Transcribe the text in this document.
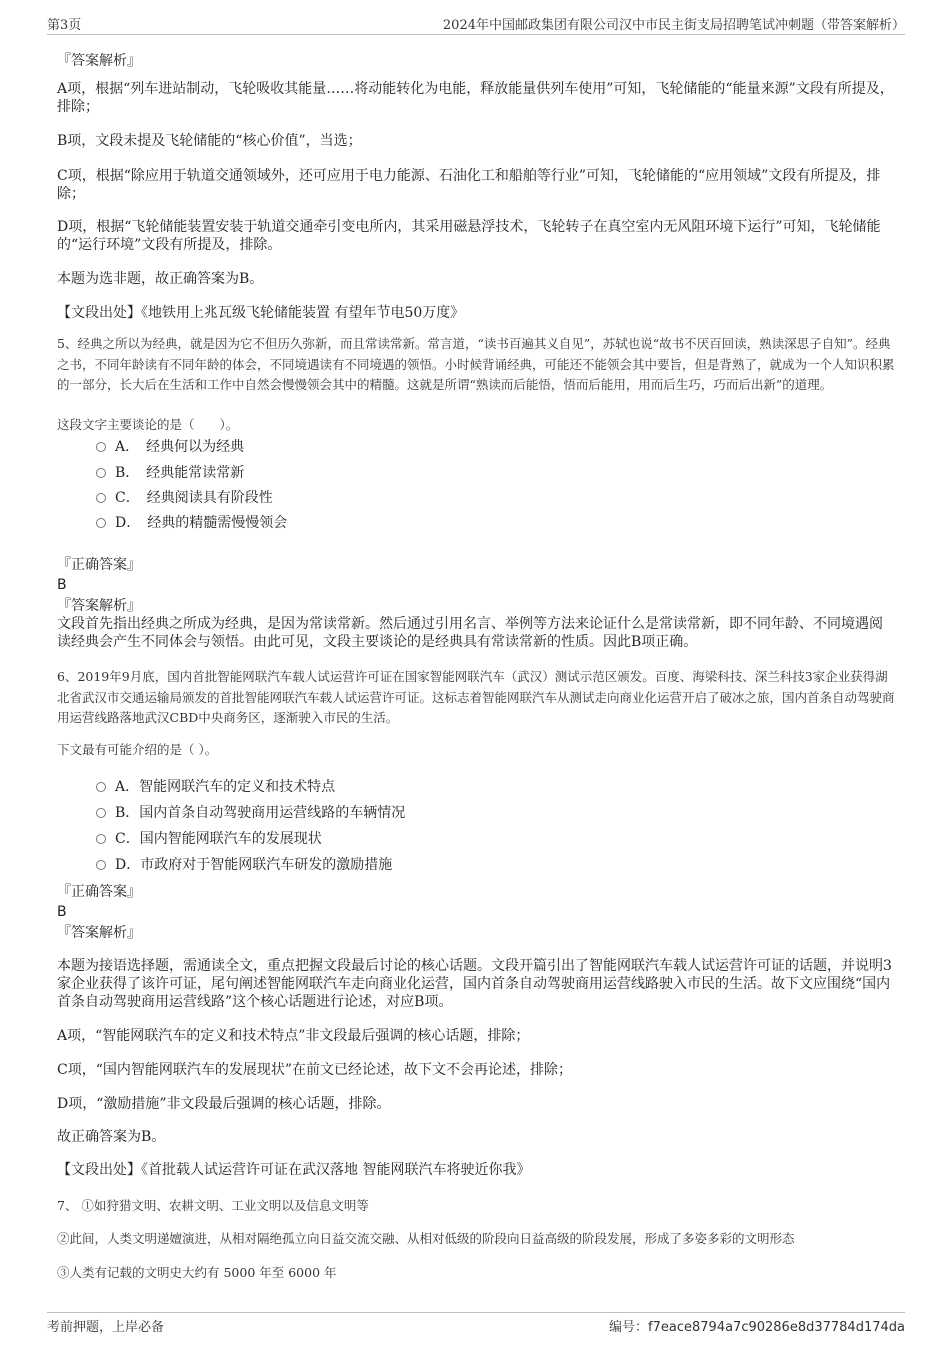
第3页	2024年中国邮政集团有限公司汉中市民主街支局招聘笔试冲刺题（带答案解析）
『答案解析』
A项，根据“列车进站制动，飞轮吸收其能量……将动能转化为电能，释放能量供列车使用”可知，飞轮储能的“能量来源”文段有所提及，排除；
B项，文段未提及飞轮储能的“核心价值”，当选；
C项，根据“除应用于轨道交通领域外，还可应用于电力能源、石油化工和船舶等行业”可知，飞轮储能的“应用领域”文段有所提及，排除；
D项，根据“飞轮储能装置安装于轨道交通牵引变电所内，其采用磁悬浮技术，飞轮转子在真空室内无风阻环境下运行”可知，飞轮储能的“运行环境”文段有所提及，排除。
本题为选非题，故正确答案为B。
【文段出处】《地铁用上兆瓦级飞轮储能装置 有望年节电50万度》
5、经典之所以为经典，就是因为它不但历久弥新，而且常读常新。常言道，“读书百遍其义自见”，苏轼也说“故书不厌百回读，熟读深思子自知”。经典之书，不同年龄读有不同年龄的体会，不同境遇读有不同境遇的领悟。小时候背诵经典，可能还不能领会其中要旨，但是背熟了，就成为一个人知识积累的一部分，长大后在生活和工作中自然会慢慢领会其中的精髓。这就是所谓“熟读而后能悟，悟而后能用，用而后生巧，巧而后出新”的道理。
这段文字主要谈论的是（　　）。
A．　经典何以为经典
B．　经典能常读常新
C．　经典阅读具有阶段性
D．　经典的精髓需慢慢领会
『正确答案』
B
『答案解析』
文段首先指出经典之所成为经典，是因为常读常新。然后通过引用名言、举例等方法来论证什么是常读常新，即不同年龄、不同境遇阅读经典会产生不同体会与领悟。由此可见，文段主要谈论的是经典具有常读常新的性质。因此B项正确。
6、2019年9月底，国内首批智能网联汽车载人试运营许可证在国家智能网联汽车（武汉）测试示范区颁发。百度、海梁科技、深兰科技3家企业获得湖北省武汉市交通运输局颁发的首批智能网联汽车载人试运营许可证。这标志着智能网联汽车从测试走向商业化运营开启了破冰之旅，国内首条自动驾驶商用运营线路落地武汉CBD中央商务区，逐渐驶入市民的生活。
下文最有可能介绍的是（ ）。
A．智能网联汽车的定义和技术特点
B．国内首条自动驾驶商用运营线路的车辆情况
C．国内智能网联汽车的发展现状
D．市政府对于智能网联汽车研发的激励措施
『正确答案』
B
『答案解析』
本题为接语选择题，需通读全文，重点把握文段最后讨论的核心话题。文段开篇引出了智能网联汽车载人试运营许可证的话题，并说明3家企业获得了该许可证，尾句阐述智能网联汽车走向商业化运营，国内首条自动驾驶商用运营线路驶入市民的生活。故下文应围绕“国内首条自动驾驶商用运营线路”这个核心话题进行论述，对应B项。
A项，“智能网联汽车的定义和技术特点”非文段最后强调的核心话题，排除；
C项，“国内智能网联汽车的发展现状”在前文已经论述，故下文不会再论述，排除；
D项，“激励措施”非文段最后强调的核心话题，排除。
故正确答案为B。
【文段出处】《首批载人试运营许可证在武汉落地 智能网联汽车将驶近你我》
7、 ①如狩猎文明、农耕文明、工业文明以及信息文明等
②此间，人类文明递嬗演进，从相对隔绝孤立向日益交流交融、从相对低级的阶段向日益高级的阶段发展，形成了多姿多彩的文明形态
③人类有记载的文明史大约有 5000 年至 6000 年
考前押题，上岸必备	编号：f7eace8794a7c90286e8d37784d174da
